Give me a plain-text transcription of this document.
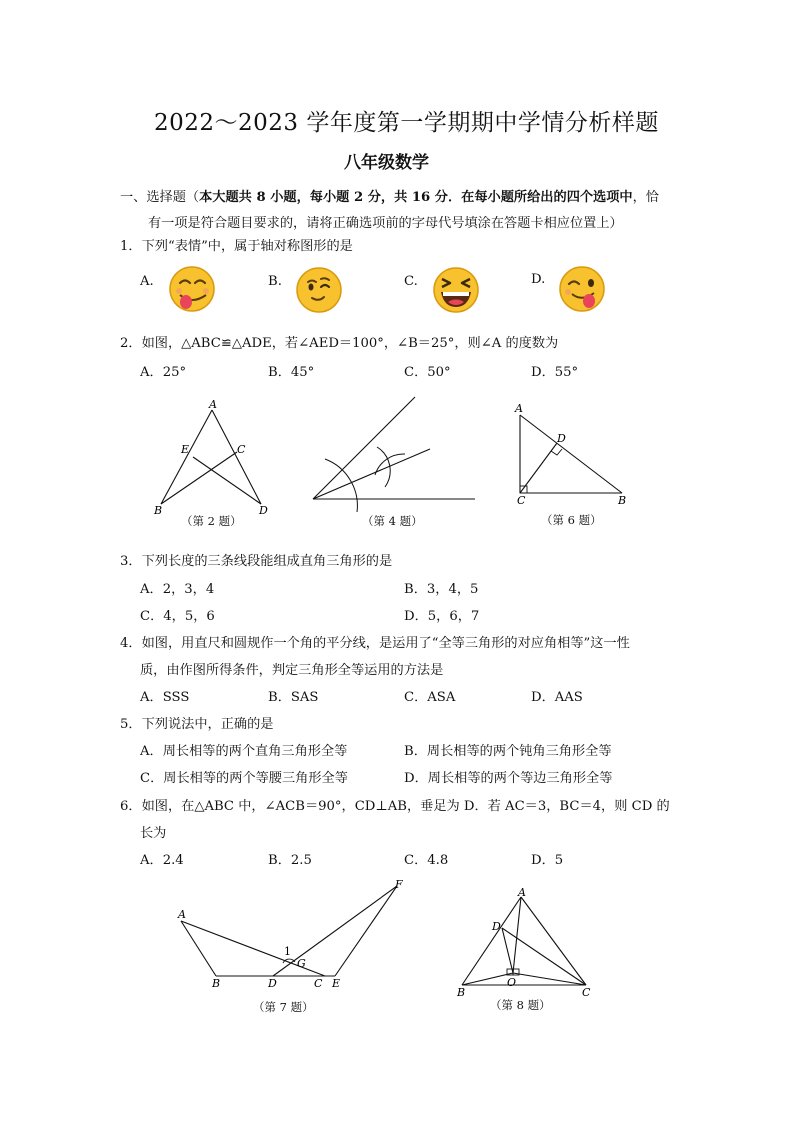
2022～2023 学年度第一学期期中学情分析样题
八年级数学
一、选择题（本大题共 8 小题，每小题 2 分，共 16 分．在每小题所给出的四个选项中，恰
有一项是符合题目要求的，请将正确选项前的字母代号填涂在答题卡相应位置上）
1．下列“表情”中，属于轴对称图形的是
A.	B.	C.	D.
2．如图，△ABC≌△ADE，若∠AED＝100°，∠B＝25°，则∠A 的度数为
A．25°	B．45°	C．50°	D．55°
A
E	C
B	D
（第 2 题）	（第 4 题）
A
D
C	B
（第 6 题）
3．下列长度的三条线段能组成直角三角形的是
A．2，3，4	B．3，4，5
C．4，5，6	D．5，6，7
4．如图，用直尺和圆规作一个角的平分线，是运用了“全等三角形的对应角相等”这一性
质，由作图所得条件，判定三角形全等运用的方法是
A．SSS	B．SAS	C．ASA	D．AAS
5．下列说法中，正确的是
A．周长相等的两个直角三角形全等	B．周长相等的两个钝角三角形全等
C．周长相等的两个等腰三角形全等	D．周长相等的两个等边三角形全等
6．如图，在△ABC 中，∠ACB＝90°，CD⊥AB，垂足为 D．若 AC＝3，BC＝4，则 CD 的
长为
A．2.4	B．2.5	C．4.8	D．5
A
B	D	C E
F
G
1
（第 7 题）
A
D
B
O
C
（第 8 题）
